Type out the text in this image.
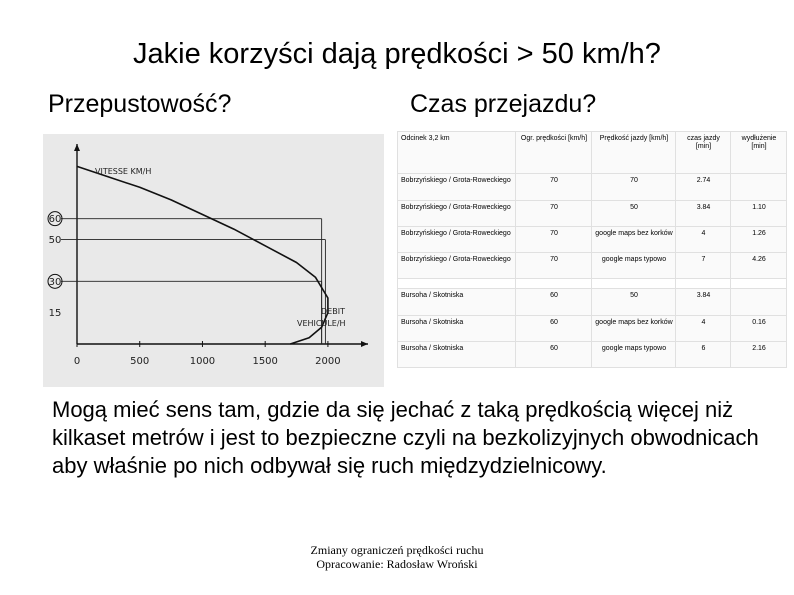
Jakie korzyści dają prędkości > 50 km/h?
Przepustowość?	Czas przejazdu?
60
50
30
15
0	500	1000	1500	2000
VITESSE KM/H
DEBIT
VEHICULE/H
Odcinek 3,2 km	Ogr. prędkości [km/h]	Prędkość jazdy [km/h]	czas jazdy [min]	wydłużenie [min]
Bobrzyńskiego / Grota-Roweckiego	70	70	2.74	
Bobrzyńskiego / Grota-Roweckiego	70	50	3.84	1.10
Bobrzyńskiego / Grota-Roweckiego	70	google maps bez korków	4	1.26
Bobrzyńskiego / Grota-Roweckiego	70	google maps typowo	7	4.26

Bursoha / Skotniska	60	50	3.84	
Bursoha / Skotniska	60	google maps bez korków	4	0.16
Bursoha / Skotniska	60	google maps typowo	6	2.16
Mogą mieć sens tam, gdzie da się jechać z taką prędkością więcej niż kilkaset metrów i jest to bezpieczne czyli na bezkolizyjnych obwodnicach aby właśnie po nich odbywał się ruch międzydzielnicowy.
Zmiany ograniczeń prędkości ruchu
Opracowanie: Radosław Wroński
